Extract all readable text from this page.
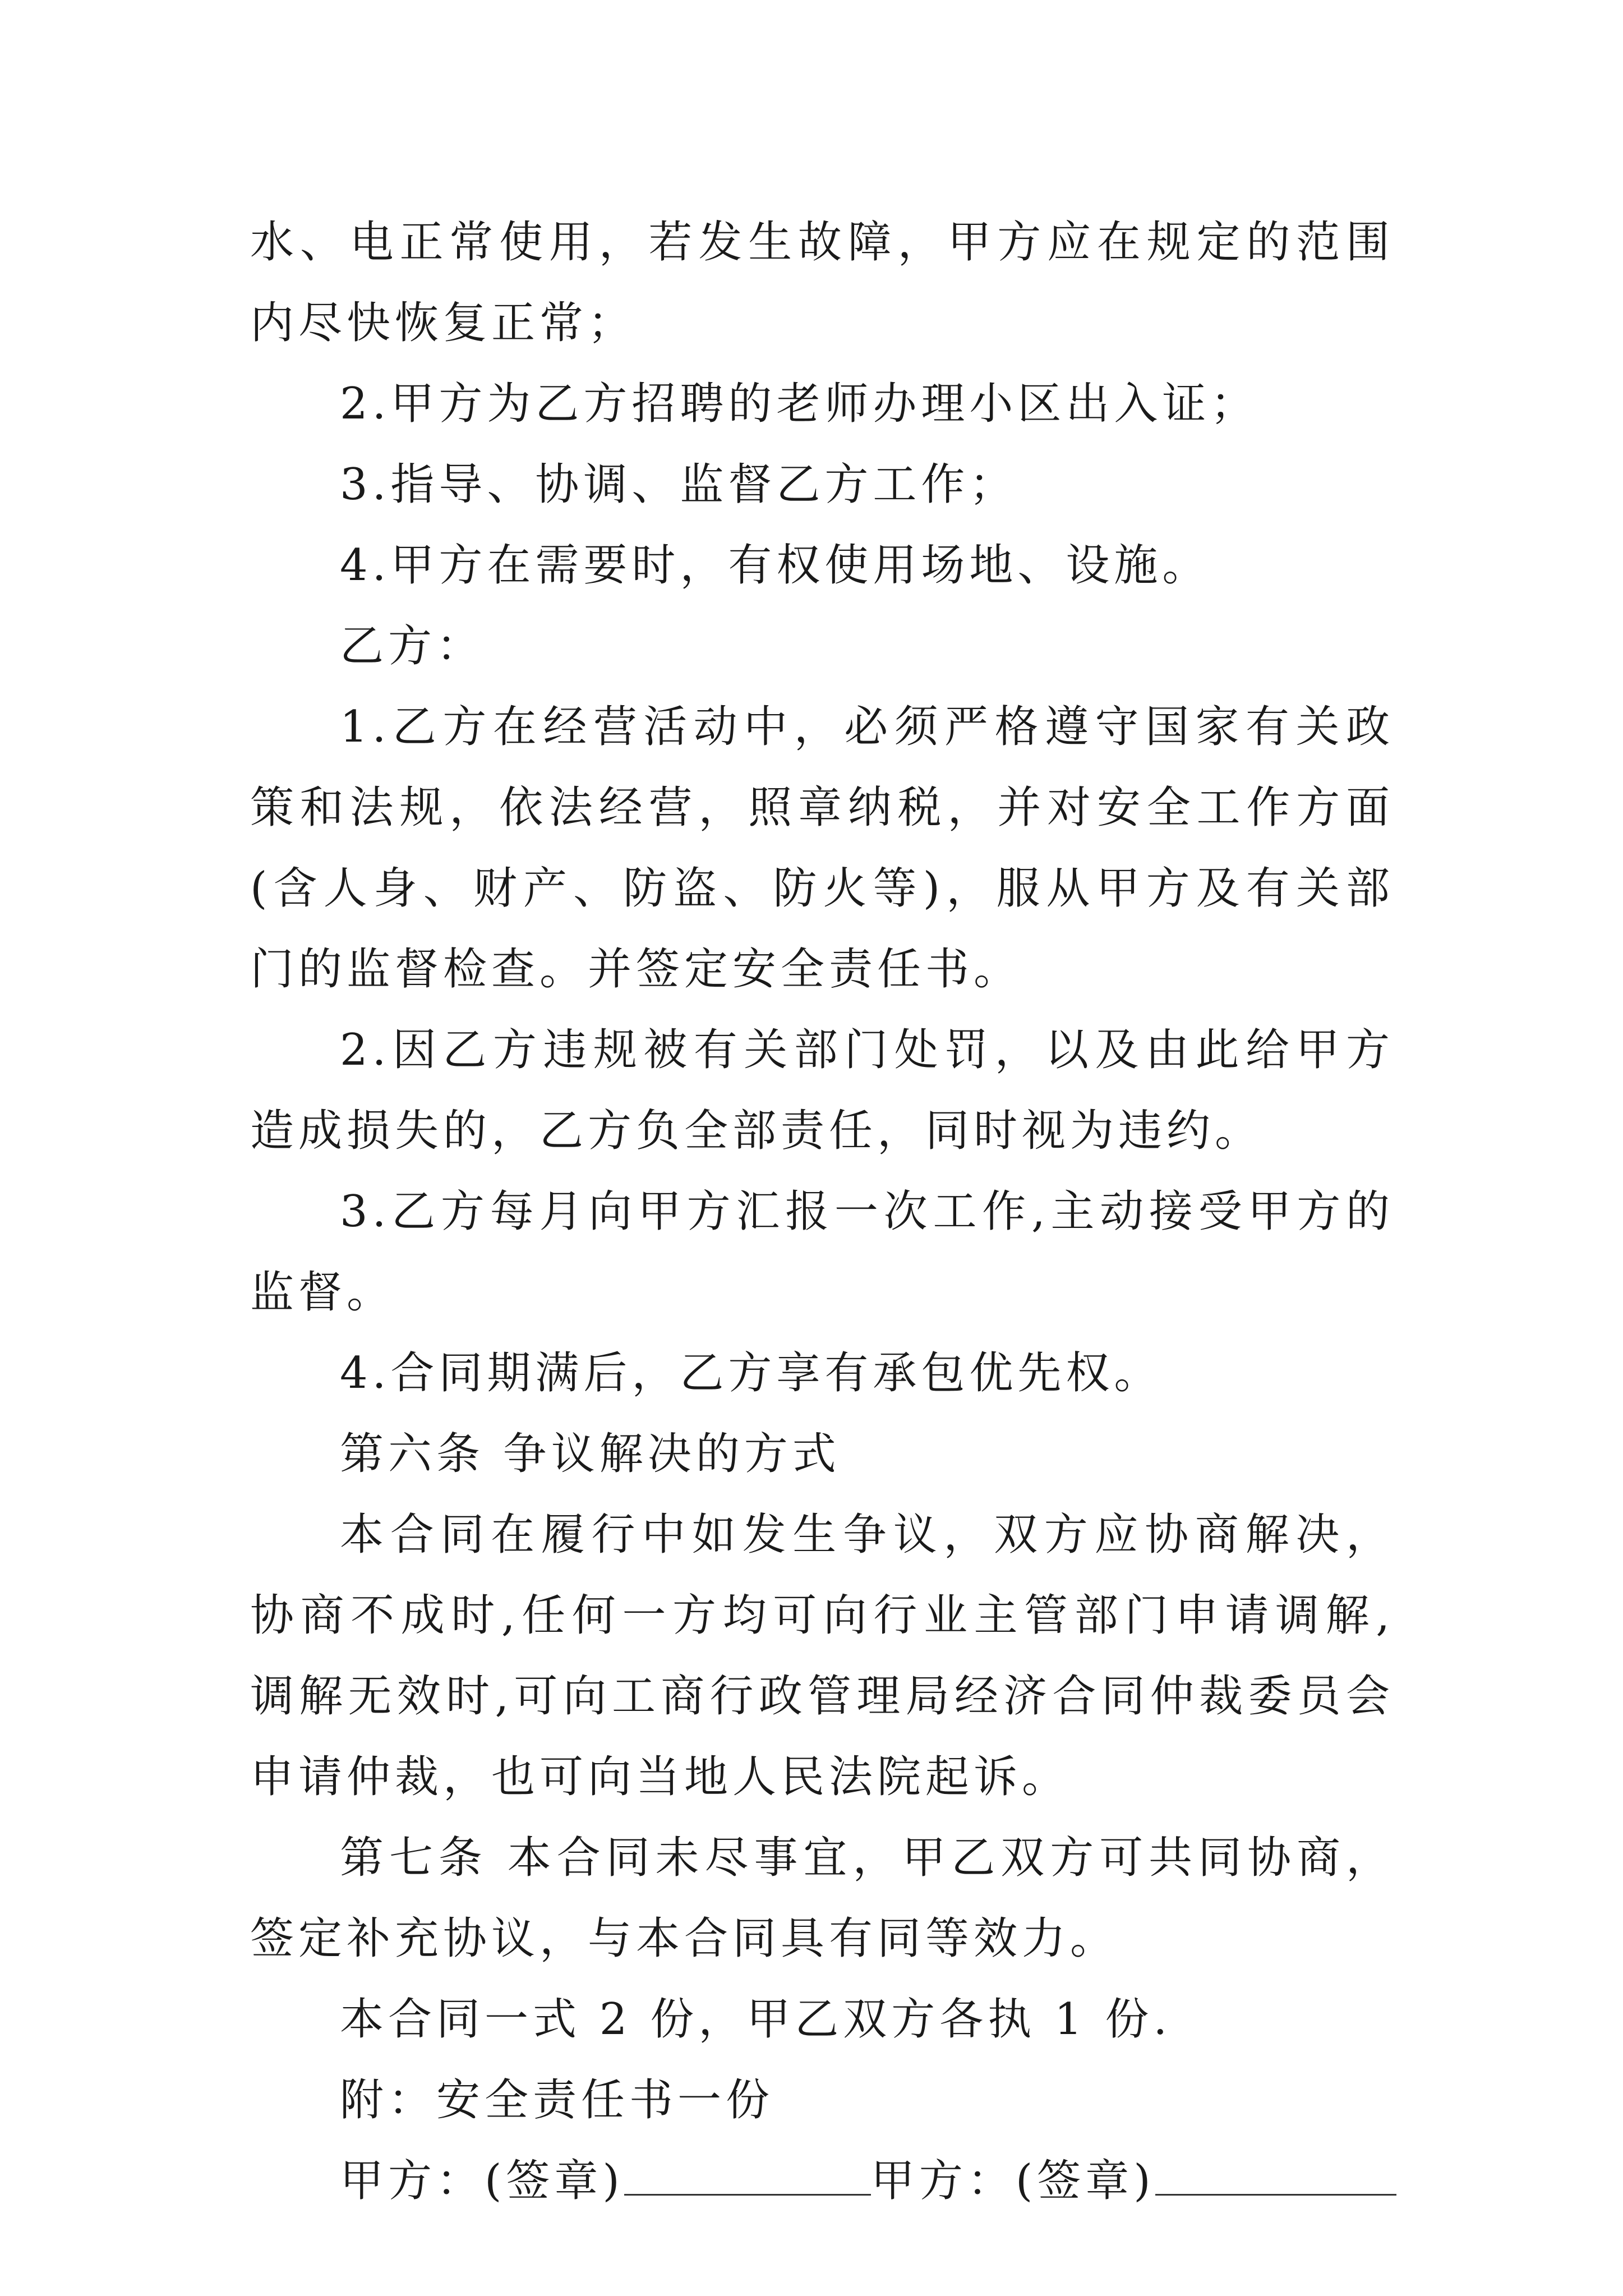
水、电正常使用，若发生故障，甲方应在规定的范围内尽快恢复正常；

2.甲方为乙方招聘的老师办理小区出入证；

3.指导、协调、监督乙方工作；

4.甲方在需要时，有权使用场地、设施。

乙方：

1.乙方在经营活动中，必须严格遵守国家有关政策和法规，依法经营，照章纳税，并对安全工作方面(含人身、财产、防盗、防火等)，服从甲方及有关部门的监督检查。并签定安全责任书。

2.因乙方违规被有关部门处罚，以及由此给甲方造成损失的，乙方负全部责任，同时视为违约。

3.乙方每月向甲方汇报一次工作,主动接受甲方的监督。

4.合同期满后，乙方享有承包优先权。

第六条 争议解决的方式

本合同在履行中如发生争议，双方应协商解决，协商不成时,任何一方均可向行业主管部门申请调解,调解无效时,可向工商行政管理局经济合同仲裁委员会申请仲裁，也可向当地人民法院起诉。

第七条 本合同未尽事宜，甲乙双方可共同协商，签定补充协议，与本合同具有同等效力。

本合同一式 2 份，甲乙双方各执 1 份.

附：安全责任书一份

甲方：(签章)	甲方：(签章)
